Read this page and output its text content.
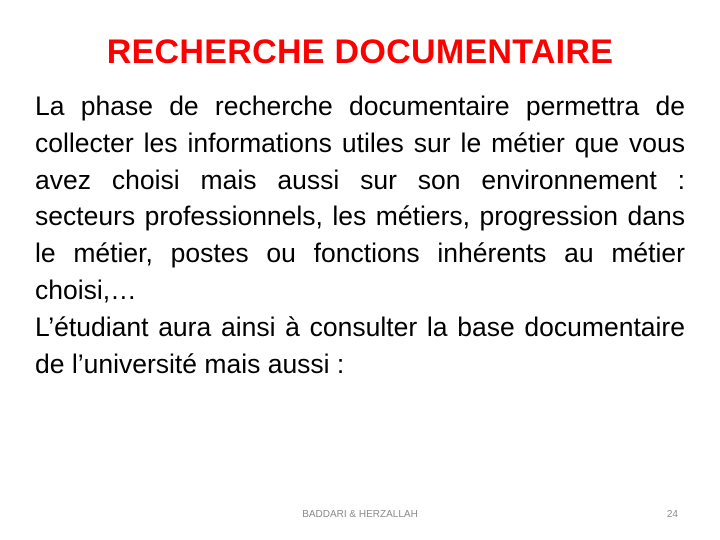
RECHERCHE DOCUMENTAIRE

La phase de recherche documentaire permettra de collecter les informations utiles sur le métier que vous avez choisi mais aussi sur son environnement : secteurs professionnels, les métiers, progression dans le métier, postes ou fonctions inhérents au métier choisi,…

L’étudiant aura ainsi à consulter la base documentaire de l’université mais aussi :

BADDARI & HERZALLAH	24
